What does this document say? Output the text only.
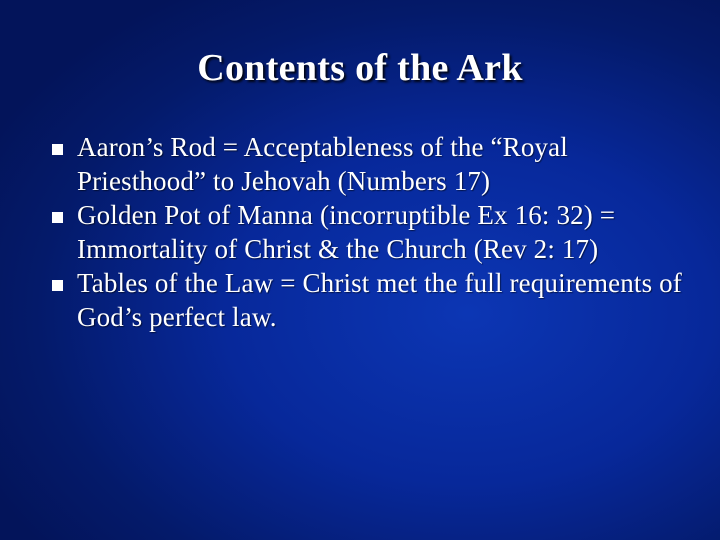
Contents of the Ark
Aaron’s Rod = Acceptableness of the “Royal Priesthood” to Jehovah (Numbers 17)
Golden Pot of Manna (incorruptible Ex 16: 32) = Immortality of Christ & the Church (Rev 2: 17)
Tables of the Law = Christ met the full requirements of God’s perfect law.
